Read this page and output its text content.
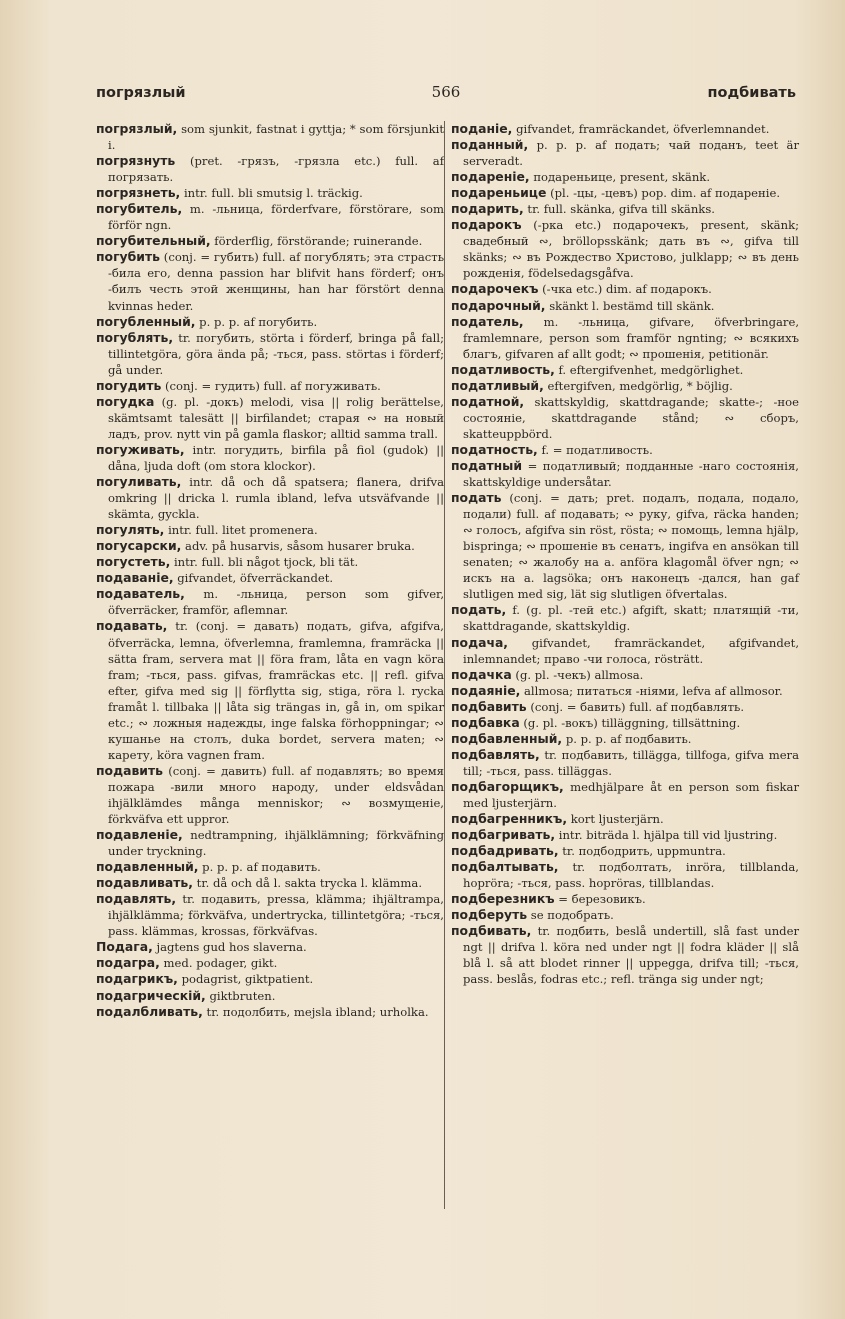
погрязлый	566	подбивать

погрязлый, som sjunkit, fastnat i gyttja; * som försjunkit i.

погрязнуть (pret. -грязъ, -грязла etc.) full. af погрязать.

погрязнеть, intr. full. bli smutsig l. träckig.

погубитель, m. -льница, förderfvare, förstörare, som förför ngn.

погубительный, förderflig, förstörande; ruinerande.

погубить (conj. = губить) full. af погублять; эта страсть -била его, denna passion har blifvit hans förderf; онъ -билъ честь этой женщины, han har förstört denna kvinnas heder.

погубленный, p. p. p. af погубить.

погублять, tr. погубить, störta i förderf, bringa på fall; tillintetgöra, göra ända på; -ться, pass. störtas i förderf; gå under.

погудить (conj. = гудить) full. af погуживать.

погудка (g. pl. -докъ) melodi, visa || rolig berättelse, skämtsamt talesätt || birfilandet; старая ∾ на новый ладъ, prov. nytt vin på gamla flaskor; alltid samma trall.

погуживать, intr. погудить, birfila på fiol (gudok) || dåna, ljuda doft (om stora klockor).

погуливать, intr. då och då spatsera; flanera, drifva omkring || dricka l. rumla ibland, lefva utsväfvande || skämta, gyckla.

погулять, intr. full. litet promenera.

погусарски, adv. på husarvis, såsom husarer bruka.

погустеть, intr. full. bli något tjock, bli tät.

подаваніе, gifvandet, öfverräckandet.

подаватель, m. -льница, person som gifver, öfverräcker, framför, aflemnar.

подавать, tr. (conj. = давать) подать, gifva, afgifva, öfverräcka, lemna, öfverlemna, framlemna, framräcka || sätta fram, servera mat || föra fram, låta en vagn köra fram; -ться, pass. gifvas, framräckas etc. || refl. gifva efter, gifva med sig || förflytta sig, stiga, röra l. rycka framåt l. tillbaka || låta sig trängas in, gå in, om spikar etc.; ∾ ложныя надежды, inge falska förhoppningar; ∾ кушанье на столъ, duka bordet, servera maten; ∾ карету, köra vagnen fram.

подавить (conj. = давить) full. af подавлять; во время пожара -вили много народу, under eldsvådan ihjälklämdes många menniskor; ∾ возмущеніе, förkväfva ett uppror.

подавленіе, nedtrampning, ihjälklämning; förkväfning under tryckning.

подавленный, p. p. p. af подавить.

подавливать, tr. då och då l. sakta trycka l. klämma.

подавлять, tr. подавить, pressa, klämma; ihjältrampa, ihjälklämma; förkväfva, undertrycka, tillintetgöra; -ться, pass. klämmas, krossas, förkväfvas.

Подага, jagtens gud hos slaverna.

подагра, med. podager, gikt.

подагрикъ, podagrist, giktpatient.

подагрическій, giktbruten.

подалбливать, tr. подолбить, mejsla ibland; urholka.

поданіе, gifvandet, framräckandet, öfverlemnandet.

поданный, p. p. p. af подать; чай поданъ, teet är serveradt.

подареніе, подареньице, present, skänk.

подареньице (pl. -цы, -цевъ) pop. dim. af подареніе.

подарить, tr. full. skänka, gifva till skänks.

подарокъ (-рка etc.) подарочекъ, present, skänk; свадебный ∾, bröllopsskänk; дать въ ∾, gifva till skänks; ∾ въ Рождество Христово, julklapp; ∾ въ день рожденія, födelsedagsgåfva.

подарочекъ (-чка etc.) dim. af подарокъ.

подарочный, skänkt l. bestämd till skänk.

податель, m. -льница, gifvare, öfverbringare, framlemnare, person som framför ngnting; ∾ всякихъ благъ, gifvaren af allt godt; ∾ прошенія, petitionär.

податливость, f. eftergifvenhet, medgörlighet.

податливый, eftergifven, medgörlig, * böjlig.

податной, skattskyldig, skattdragande; skatte-; -ное состояніе, skattdragande stånd; ∾ сборъ, skatteuppbörd.

податность, f. = податливость.

податный = податливый; подданные -наго состоянія, skattskyldige undersåtar.

подать (conj. = дать; pret. подалъ, подала, подало, подали) full. af подавать; ∾ руку, gifva, räcka handen; ∾ голосъ, afgifva sin röst, rösta; ∾ помощь, lemna hjälp, bispringa; ∾ прошеніе въ сенатъ, ingifva en ansökan till senaten; ∾ жалобу на a. anföra klagomål öfver ngn; ∾ искъ на a. lagsöka; онъ наконецъ -дался, han gaf slutligen med sig, lät sig slutligen öfvertalas.

подать, f. (g. pl. -тей etc.) afgift, skatt; платящій -ти, skattdragande, skattskyldig.

подача, gifvandet, framräckandet, afgifvandet, inlemnandet; право -чи голоса, rösträtt.

подачка (g. pl. -чекъ) allmosa.

подаяніе, allmosa; питаться -ніями, lefva af allmosor.

подбавить (conj. = бавить) full. af подбавлять.

подбавка (g. pl. -вокъ) tilläggning, tillsättning.

подбавленный, p. p. p. af подбавить.

подбавлять, tr. подбавить, tillägga, tillfoga, gifva mera till; -ться, pass. tilläggas.

подбагорщикъ, medhjälpare åt en person som fiskar med ljusterjärn.

подбагренникъ, kort ljusterjärn.

подбагривать, intr. biträda l. hjälpa till vid ljustring.

подбадривать, tr. подбодрить, uppmuntra.

подбалтывать, tr. подболтать, inröra, tillblanda, hopröra; -ться, pass. hopröras, tillblandas.

подберезникъ = березовикъ.

подберуть se подобрать.

подбивать, tr. подбить, beslå undertill, slå fast under ngt || drifva l. köra ned under ngt || fodra kläder || slå blå l. så att blodet rinner || uppegga, drifva till; -ться, pass. beslås, fodras etc.; refl. tränga sig under ngt;
